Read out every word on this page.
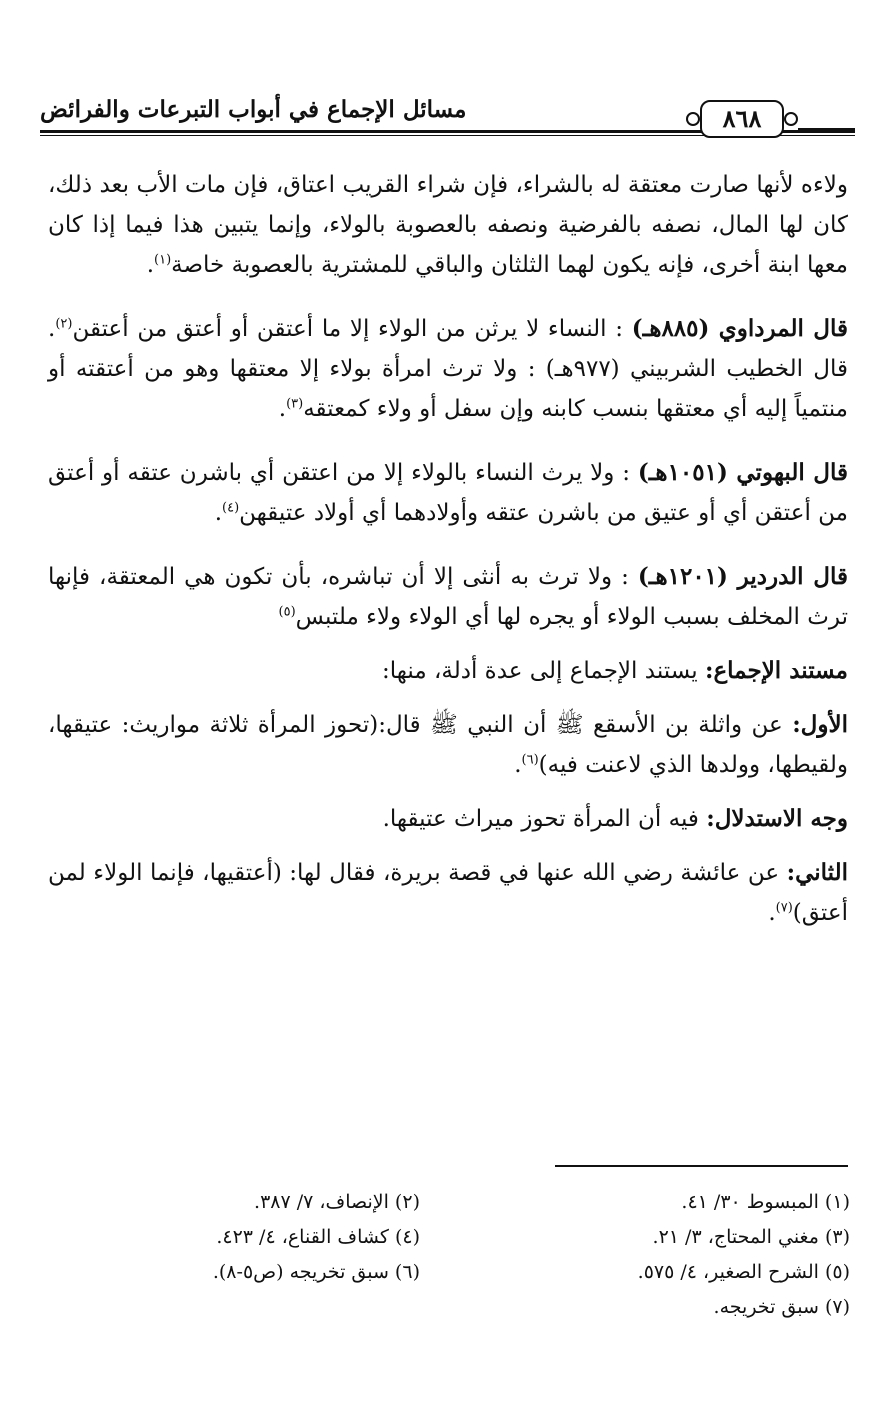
مسائل الإجماع في أبواب التبرعات والفرائض	٨٦٨

ولاءه لأنها صارت معتقة له بالشراء، فإن شراء القريب اعتاق، فإن مات الأب بعد ذلك، كان لها المال، نصفه بالفرضية ونصفه بالعصوبة بالولاء، وإنما يتبين هذا فيما إذا كان معها ابنة أخرى، فإنه يكون لهما الثلثان والباقي للمشترية بالعصوبة خاصة$^{(١)}$.

قال المرداوي (٨٨٥هـ) : النساء لا يرثن من الولاء إلا ما أعتقن أو أعتق من أعتقن$^{(٢)}$. قال الخطيب الشربيني (٩٧٧هـ) : ولا ترث امرأة بولاء إلا معتقها وهو من أعتقته أو منتمياً إليه أي معتقها بنسب كابنه وإن سفل أو ولاء كمعتقه$^{(٣)}$.

قال البهوتي (١٠٥١هـ) : ولا يرث النساء بالولاء إلا من اعتقن أي باشرن عتقه أو أعتق من أعتقن أي أو عتيق من باشرن عتقه وأولادهما أي أولاد عتيقهن$^{(٤)}$.

قال الدردير (١٢٠١هـ) : ولا ترث به أنثى إلا أن تباشره، بأن تكون هي المعتقة، فإنها ترث المخلف بسبب الولاء أو يجره لها أي الولاء ولاء ملتبس$^{(٥)}$

مستند الإجماع: يستند الإجماع إلى عدة أدلة، منها:

الأول: عن واثلة بن الأسقع ﷺ أن النبي ﷺ قال:(تحوز المرأة ثلاثة مواريث: عتيقها، ولقيطها، وولدها الذي لاعنت فيه)$^{(٦)}$.

وجه الاستدلال: فيه أن المرأة تحوز ميراث عتيقها.

الثاني: عن عائشة رضي الله عنها في قصة بريرة، فقال لها: (أعتقيها، فإنما الولاء لمن أعتق)$^{(٧)}$.

(١) المبسوط ٣٠/ ٤١.
(٢) الإنصاف، ٧/ ٣٨٧.
(٣) مغني المحتاج، ٣/ ٢١.
(٤) كشاف القناع، ٤/ ٤٢٣.
(٥) الشرح الصغير، ٤/ ٥٧٥.
(٦) سبق تخريجه (ص٥-٨).
(٧) سبق تخريجه.
